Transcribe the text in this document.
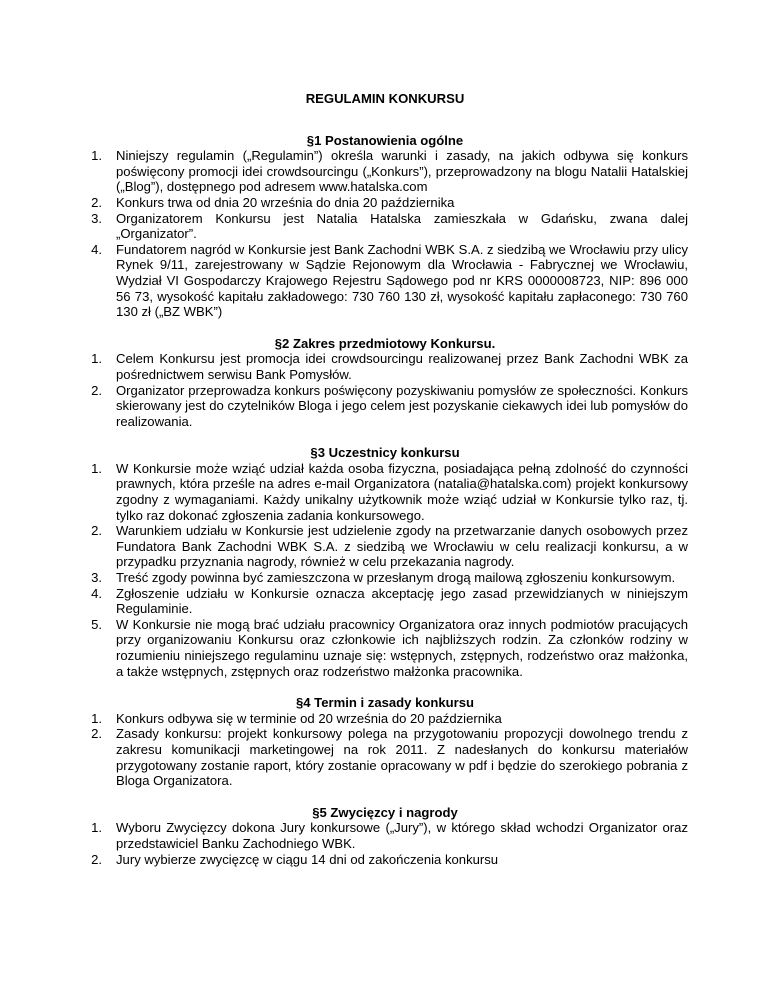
REGULAMIN KONKURSU
§1 Postanowienia ogólne
1. Niniejszy regulamin („Regulamin”) określa warunki i zasady, na jakich odbywa się konkurs poświęcony promocji idei crowdsourcingu („Konkurs”), przeprowadzony na blogu Natalii Hatalskiej („Blog”), dostępnego pod adresem www.hatalska.com
2. Konkurs trwa od dnia 20 września do dnia 20 października
3. Organizatorem Konkursu jest Natalia Hatalska zamieszkała w Gdańsku, zwana dalej „Organizator”.
4. Fundatorem nagród w Konkursie jest Bank Zachodni WBK S.A. z siedzibą we Wrocławiu przy ulicy Rynek 9/11, zarejestrowany w Sądzie Rejonowym dla Wrocławia - Fabrycznej we Wrocławiu, Wydział VI Gospodarczy Krajowego Rejestru Sądowego pod nr KRS 0000008723, NIP: 896 000 56 73, wysokość kapitału zakładowego: 730 760 130 zł, wysokość kapitału zapłaconego: 730 760 130 zł („BZ WBK”)
§2 Zakres przedmiotowy Konkursu.
1. Celem Konkursu jest promocja idei crowdsourcingu realizowanej przez Bank Zachodni WBK za pośrednictwem serwisu Bank Pomysłów.
2. Organizator przeprowadza konkurs poświęcony pozyskiwaniu pomysłów ze społeczności. Konkurs skierowany jest do czytelników Bloga i jego celem jest pozyskanie ciekawych idei lub pomysłów do realizowania.
§3 Uczestnicy konkursu
1. W Konkursie może wziąć udział każda osoba fizyczna, posiadająca pełną zdolność do czynności prawnych, która prześle na adres e-mail Organizatora (natalia@hatalska.com) projekt konkursowy zgodny z wymaganiami. Każdy unikalny użytkownik może wziąć udział w Konkursie tylko raz, tj. tylko raz dokonać zgłoszenia zadania konkursowego.
2. Warunkiem udziału w Konkursie jest udzielenie zgody na przetwarzanie danych osobowych przez Fundatora Bank Zachodni WBK S.A. z siedzibą we Wrocławiu w celu realizacji konkursu, a w przypadku przyznania nagrody, również w celu przekazania nagrody.
3. Treść zgody powinna być zamieszczona w przesłanym drogą mailową zgłoszeniu konkursowym.
4. Zgłoszenie udziału w Konkursie oznacza akceptację jego zasad przewidzianych w niniejszym Regulaminie.
5. W Konkursie nie mogą brać udziału pracownicy Organizatora oraz innych podmiotów pracujących przy organizowaniu Konkursu oraz członkowie ich najbliższych rodzin. Za członków rodziny w rozumieniu niniejszego regulaminu uznaje się: wstępnych, zstępnych, rodzeństwo oraz małżonka, a także wstępnych, zstępnych oraz rodzeństwo małżonka pracownika.
§4 Termin i zasady konkursu
1. Konkurs odbywa się w terminie od 20 września do 20 października
2. Zasady konkursu: projekt konkursowy polega na przygotowaniu propozycji dowolnego trendu z zakresu komunikacji marketingowej na rok 2011. Z nadesłanych do konkursu materiałów przygotowany zostanie raport, który zostanie opracowany w pdf i będzie do szerokiego pobrania z Bloga Organizatora.
§5 Zwycięzcy i nagrody
1. Wyboru Zwycięzcy dokona Jury konkursowe („Jury”), w którego skład wchodzi Organizator oraz przedstawiciel Banku Zachodniego WBK.
2. Jury wybierze zwycięzcę w ciągu 14 dni od zakończenia konkursu
